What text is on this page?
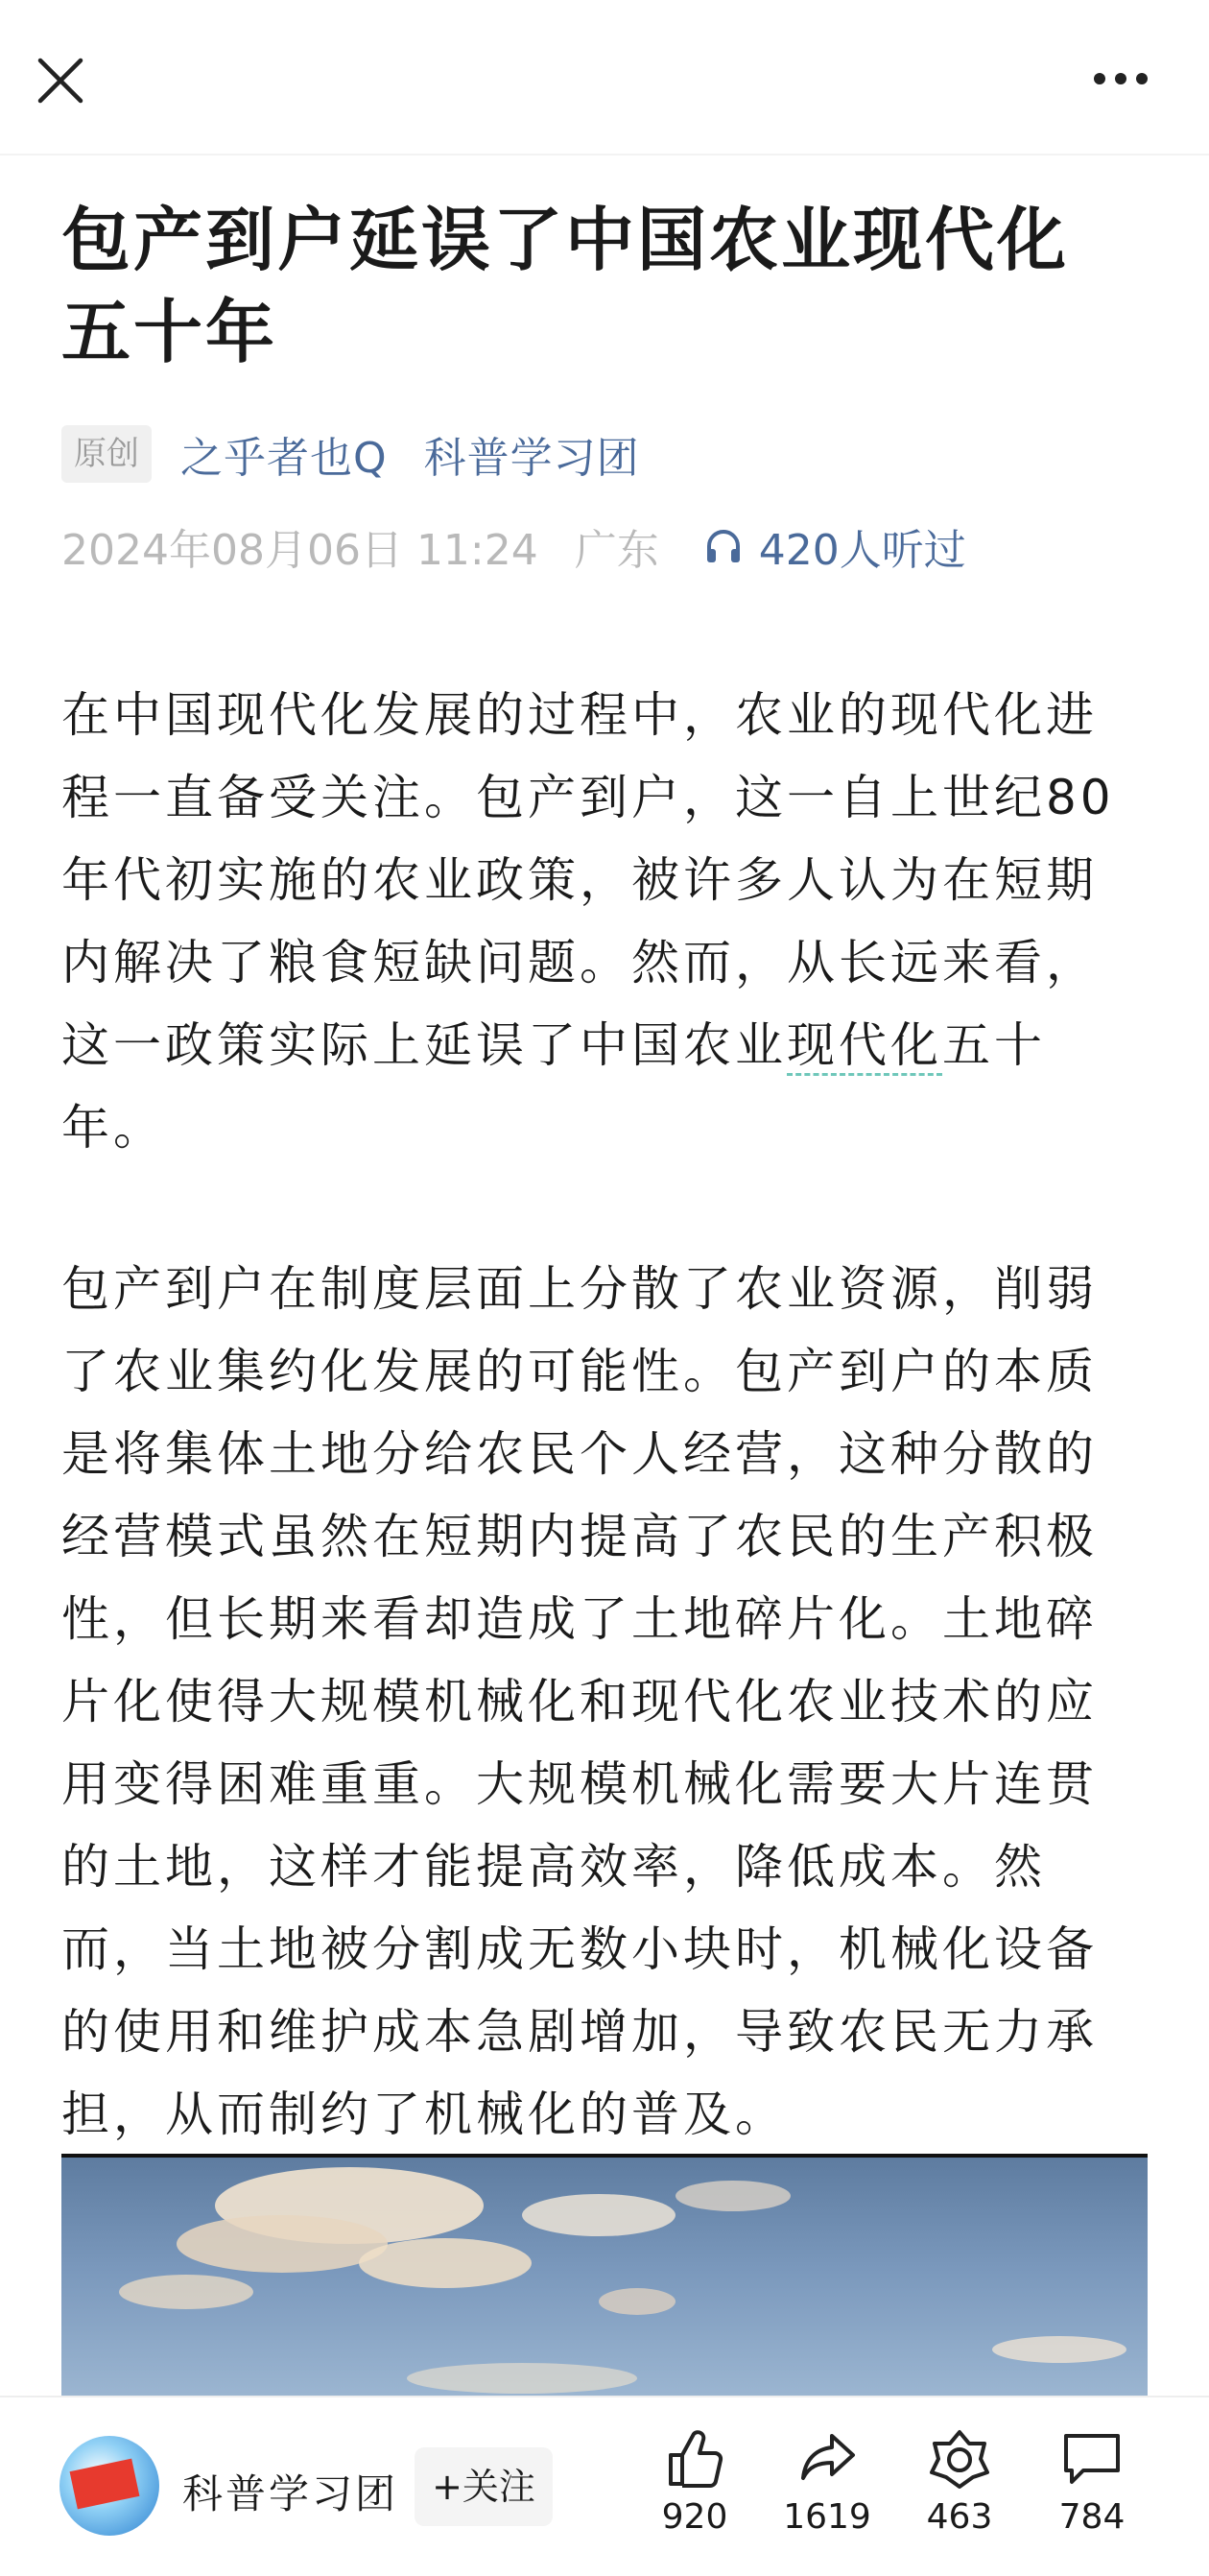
包产到户延误了中国农业现代化五十年
原创 之乎者也Q 科普学习团
2024年08月06日 11:24 广东 420人听过
在中国现代化发展的过程中，农业的现代化进程一直备受关注。包产到户，这一自上世纪80年代初实施的农业政策，被许多人认为在短期内解决了粮食短缺问题。然而，从长远来看，这一政策实际上延误了中国农业现代化五十年。
包产到户在制度层面上分散了农业资源，削弱了农业集约化发展的可能性。包产到户的本质是将集体土地分给农民个人经营，这种分散的经营模式虽然在短期内提高了农民的生产积极性，但长期来看却造成了土地碎片化。土地碎片化使得大规模机械化和现代化农业技术的应用变得困难重重。大规模机械化需要大片连贯的土地，这样才能提高效率，降低成本。然而，当土地被分割成无数小块时，机械化设备的使用和维护成本急剧增加，导致农民无力承担，从而制约了机械化的普及。
科普学习团 +关注
920	1619	463	784
